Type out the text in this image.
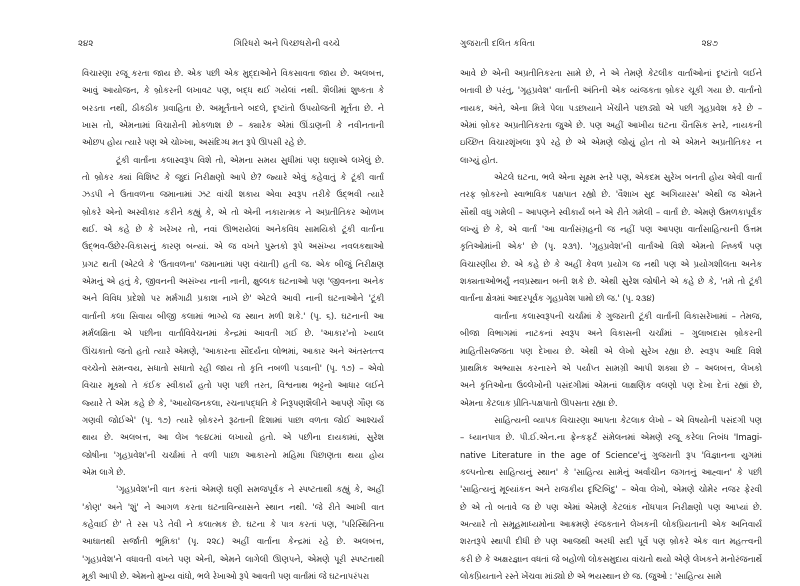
૨૪૨	ગિરિધરો અને પિચ્છધરોની વચ્ચે
વિચારણા રજૂ કરતા જાય છે. એક પછી એક મુદ્દાઓને વિકસાવતા જાય છે. અલબત્ત,
આવું આયોજન, કે બ્રોકરની લખાવટ પણ, બદ્ધ થઈ ગયેલાં નથી. શૈલીમાં શુષ્કતા કે
બરડતા નથી, ઠીકઠીક પ્રવાહિતા છે. અમૂર્તતાને બદલે, દૃષ્ટાંતો ઉપયોજતી મૂર્તતા છે. ને
ખાસ તો, એમનામાં વિચારોની મોકળાશ છે – ક્યારેક એમાં ઊંડાણની કે નવીનતાની
ઓછપ હોય ત્યારે પણ એ ચોખ્ખા, અસંદિગ્ધ મત રૂપે ઊપસી રહે છે.
ટૂંકી વાર્તાના કલાસ્વરૂપ વિશે તો, એમના સમય સુધીમાં પણ ઘણાએ લખેલું છે.
તો બ્રોકર ક્યાં વિશિષ્ટ કે જુદાં નિરીક્ષણો આપે છે? જ્યારે એવું કહેવાતું કે ટૂંકી વાર્તા
ઝડપી ને ઉતાવળના જમાનામાં ઝટ વાંચી શકાય એવા સ્વરૂપ તરીકે ઉદ્ભવી ત્યારે
બ્રોકરે એનો અસ્વીકાર કરીને કહ્યું કે, એ તો એની નકારાત્મક ને અપ્રતીતિકર ઓળખ
થઈ. એ કહે છે કે ખરેખર તો, નવાં ઊભરાયેલાં અનેકવિધ સામયિકો ટૂંકી વાર્તાના
ઉદ્ભવ-ઉછેર-વિકાસનું કારણ બન્યાં. એ જ વખતે પુસ્તકો રૂપે અસંખ્ય નવલકથાઓ
પ્રગટ થતી (એટલે કે 'ઉતાવળના' જમાનામાં પણ વંચાતી) હતી જ. એક બીજું નિરીક્ષણ
એમનું એ હતું કે, જીવનની અસંખ્ય નાની નાની, ક્ષુલ્લક ઘટનાઓ પણ 'જીવનના અનેક
અને વિવિધ પ્રદેશો પર મર્મગાઢી પ્રકાશ નાખે છે' એટલે આવી નાની ઘટનાઓને 'ટૂંકી
વાર્તાની કલા સિવાય બીજી કલામાં ભાગ્યે જ સ્થાન મળી શકે.' (પૃ. ૬). ઘટનાની આ
મર્મલક્ષિતા એ પછીના વાર્તાવિવેચનમાં કેન્દ્રમાં આવતી ગઈ છે. 'આકાર'નો ખ્યાલ
ઊંચકાતો જતો હતો ત્યારે એમણે, 'આકારના સૌંદર્યના લોભમાં, આકાર અને અંતસ્તત્ત્વ
વચ્ચેનો સમન્વય, સધાતો સધાતો રહી જાય તો કૃતિ નબળી પડવાની' (પૃ. ૧૭) – એવો
વિચાર મૂક્યો તે કંઈક સ્વીકાર્ય હતો પણ પછી તરત, વિશ્વનાથ ભટ્ટનો આધાર લઈને
જ્યારે તે એમ કહે છે કે, 'આયોજનકલા, રચનાપદ્ધતિ કે નિરૂપણશૈલીને આપણે ગૌણ જ
ગણવી જોઈએ' (પૃ. ૧૭) ત્યારે બ્રોકરને રૂઢતાની દિશામાં પાછા વળતા જોઈ આશ્ચર્ય
થાય છે. અલબત્ત, આ લેખ ૧૯૪૮માં લખાયો હતો. એ પછીના દાયકામાં, સુરેશ
જોષીના 'ગૃહપ્રવેશ'ની ચર્ચામાં તે વળી પાછા આકારનો મહિમા પિછાણતા થયા હોય
એમ લાગે છે.
'ગૃહપ્રવેશ'ની વાત કરતાં એમણે ઘણી સમજપૂર્વક ને સ્પષ્ટતાથી કહ્યું કે, અહીં
'કોણ' અને 'શું' ને આગળ કરતા ઘટનાવિન્યાસને સ્થાન નથી. 'જે રીતે આખી વાત
કહેવાઈ છે' તે રસ પડે તેવી ને કલાત્મક છે. ઘટના કે પાત્ર કરતાં પણ, 'પરિસ્થિતિના
આઘાતથી સર્જાતી ભૂમિકા' (પૃ. ૨૨૮) અહીં વાર્તાના કેન્દ્રમાં રહે છે. અલબત્ત,
'ગૃહપ્રવેશ'ને વધાવતી વખતે પણ એની, એમને લાગેલી ઊણપને, એમણે પૂરી સ્પષ્ટતાથી
મૂકી આપી છે. એમનો મુખ્ય વાંધો, ભલે રેખાઓ રૂપે આવતી પણ વાર્તામાં જે ઘટનાપરંપરા
ગુજરાતી દલિત કવિતા	૨૪૭
આવે છે એની અપ્રતીતિકરતા સામે છે, ને એ તેમણે કેટલીક વાર્તાઓનાં દૃષ્ટાંતો લઈને
બતાવી છે પરંતુ, 'ગૃહપ્રવેશ' વાર્તાની અંતિની એક વ્યંજકતા બ્રોકર ચૂકી ગયા છે. વાર્તાનો
નાયક, અંતે, એના મિત્રે પેલા પડછાયાને ખેંચીને પછાડ્યો એ પછી ગૃહપ્રવેશ કરે છે –
એમાં બ્રોકર અપ્રતીતિકરતા જુએ છે. પણ અહીં આખીય ઘટના ચૈતસિક સ્તરે, નાયકની
ઇચ્છિત વિચારશૃંખલા રૂપે રહે છે એ એમણે જોયું હોત તો એ એમને અપ્રતીતિકર ન
લાગ્યું હોત.
એટલે ઘટના, ભલે એના સૂક્ષ્મ સ્તરે પણ, એકદમ સુરેખ બનતી હોય એવી વાર્તા
તરફ બ્રોકરનો સ્વાભાવિક પક્ષપાત રહ્યો છે. 'વૈશાખ સુદ અગિયારસ' એથી જ એમને
સૌથી વધુ ગમેલી – આપણને સ્વીકાર્ય બને એ રીતે ગમેલી – વાર્તા છે. એમણે ઉમળકાપૂર્વક
લખ્યું છે કે, એ વાર્તા 'આ વાર્તાસંગ્રહની જ નહીં પણ આપણા વાર્તાસાહિત્યની ઉત્તમ
કૃતિઓમાંની એક' છે (પૃ. ૨૩૧). 'ગૃહપ્રવેશ'ની વાર્તાઓ વિશે એમનો નિષ્કર્ષ પણ
વિચારણીય છે. એ કહે છે કે અહીં કેવળ પ્રયોગ જ નથી પણ એ પ્રયોગશીલતા અનેક
શક્યતાઓભર્યું નવપ્રસ્થાન બની શકે છે. એથી સુરેશ જોષીને એ કહે છે કે, 'તમે તો ટૂંકી
વાર્તાના ક્ષેત્રમાં આદરપૂર્વક ગૃહપ્રવેશ પામો છો જ.' (પૃ. ૨૩૪)
વાર્તાના કલાસ્વરૂપની ચર્ચામાં કે ગુજરાતી ટૂંકી વાર્તાની વિકાસરેખામાં – તેમજ,
બીજા વિભાગમાં નાટકનાં સ્વરૂપ અને વિકાસની ચર્ચામાં – ગુલાબદાસ બ્રોકરની
માહિતીસજ્જતા પણ દેખાય છે. એથી એ લેખો સુરેખ રહ્યા છે. સ્વરૂપ આદિ વિશે
પ્રાથમિક અભ્યાસ કરનારને એ પર્યાપ્ત સામગ્રી આપી શક્યા છે – અલબત્ત, લેખકો
અને કૃતિઓના ઉલ્લેખોની પસંદગીમાં એમનાં લાક્ષણિક વલણો પણ દેખા દેતાં રહ્યાં છે,
એમના કેટલાક પ્રીતિ-પક્ષપાતો ઊપસતા રહ્યા છે.
સાહિત્યની વ્યાપક વિચારણા આપતા કેટલાક લેખો – એ વિષયોની પસંદગી પણ
– ધ્યાનપાત્ર છે. પી.ઈ.એન.ના ફ્રેન્કફર્ટ સંમેલનમાં એમણે રજૂ કરેલા નિબંધ 'Imagi-
native Literature in the age of Science'નું ગુજરાતી રૂપ 'વિજ્ઞાનના યુગમાં
કલ્પનોત્થ સાહિત્યનું સ્થાન' કે 'સાહિત્ય સામેનું અર્વાચીન જગતનું આહ્વાન' કે પછી
'સાહિત્યનું મૂલ્યાંકન અને રાજકીય દૃષ્ટિબિંદુ' – એવા લેખો, એમણે ચોમેર નજર ફેરવી
છે એ તો બતાવે જ છે પણ એમાં એમણે કેટલાંક નોંધપાત્ર નિરીક્ષણો પણ આપ્યાં છે.
અત્યારે તો સમૂહમાધ્યમોના આક્રમણે રંજકતાને લેખકની લોકપ્રિયતાની એક અનિવાર્ય
શરતરૂપે સ્થાપી દીધી છે પણ આજથી અરધી સદી પૂર્વે પણ બ્રોકરે એક વાત મહત્ત્વની
કરી છે કે અક્ષરજ્ઞાન વધતાં જે બહોળો લોકસમુદાય વાંચતો થયો એણે લેખકને મનોરંજનાર્થે
લોકપ્રિયતાને રસ્તે ખેંચવા માંડ્યો છે એ ભયસ્થાન છે જ. (જુઓ : 'સાહિત્ય સામે
